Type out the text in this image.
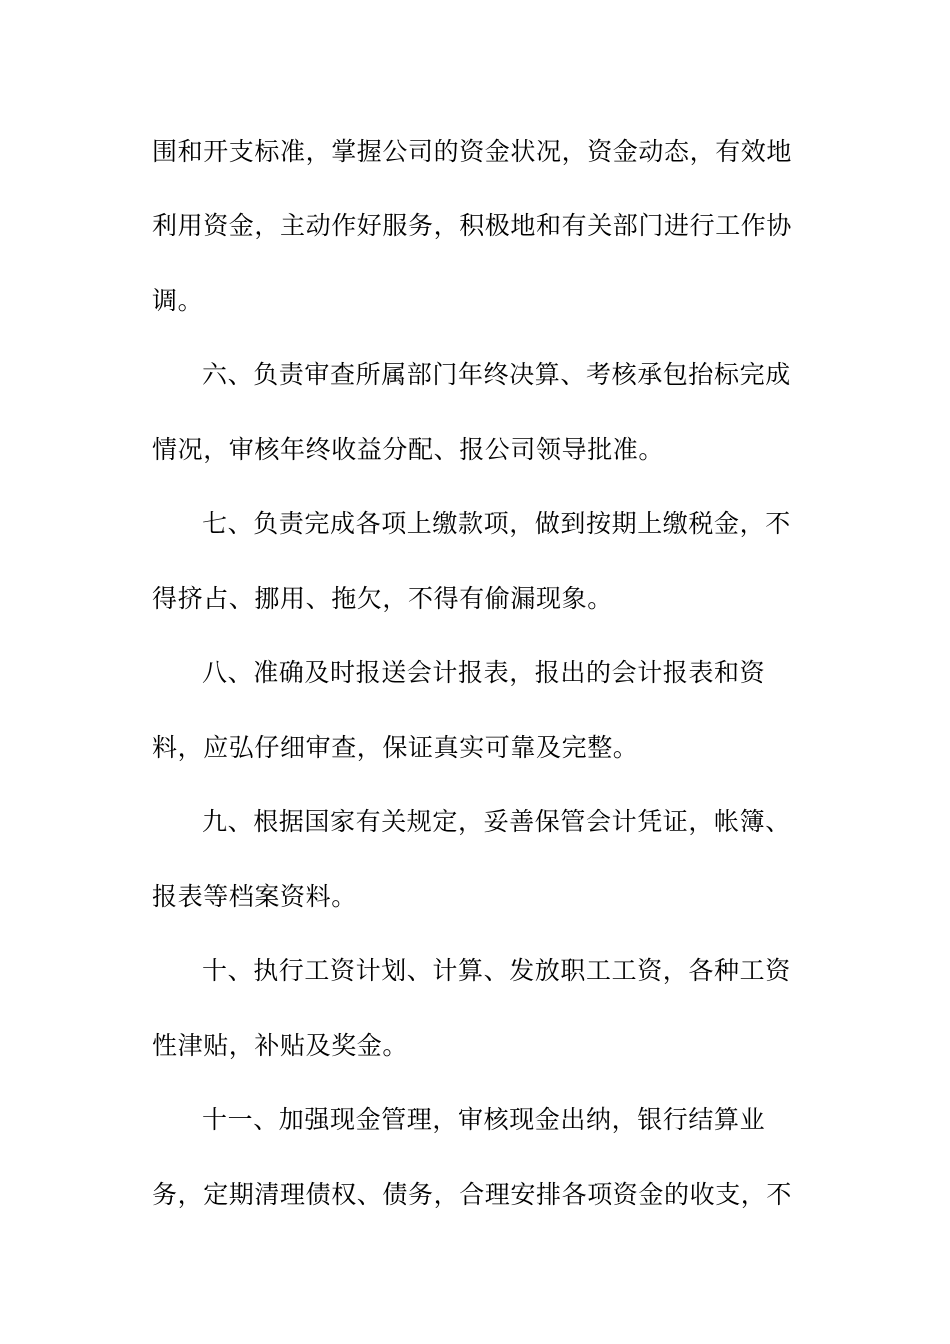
围和开支标准，掌握公司的资金状况，资金动态，有效地
利用资金，主动作好服务，积极地和有关部门进行工作协
调。
六、负责审查所属部门年终决算、考核承包抬标完成
情况，审核年终收益分配、报公司领导批准。
七、负责完成各项上缴款项，做到按期上缴税金，不
得挤占、挪用、拖欠，不得有偷漏现象。
八、准确及时报送会计报表，报出的会计报表和资
料，应弘仔细审查，保证真实可靠及完整。
九、根据国家有关规定，妥善保管会计凭证，帐簿、
报表等档案资料。
十、执行工资计划、计算、发放职工工资，各种工资
性津贴，补贴及奖金。
十一、加强现金管理，审核现金出纳，银行结算业
务，定期清理债权、债务，合理安排各项资金的收支，不
